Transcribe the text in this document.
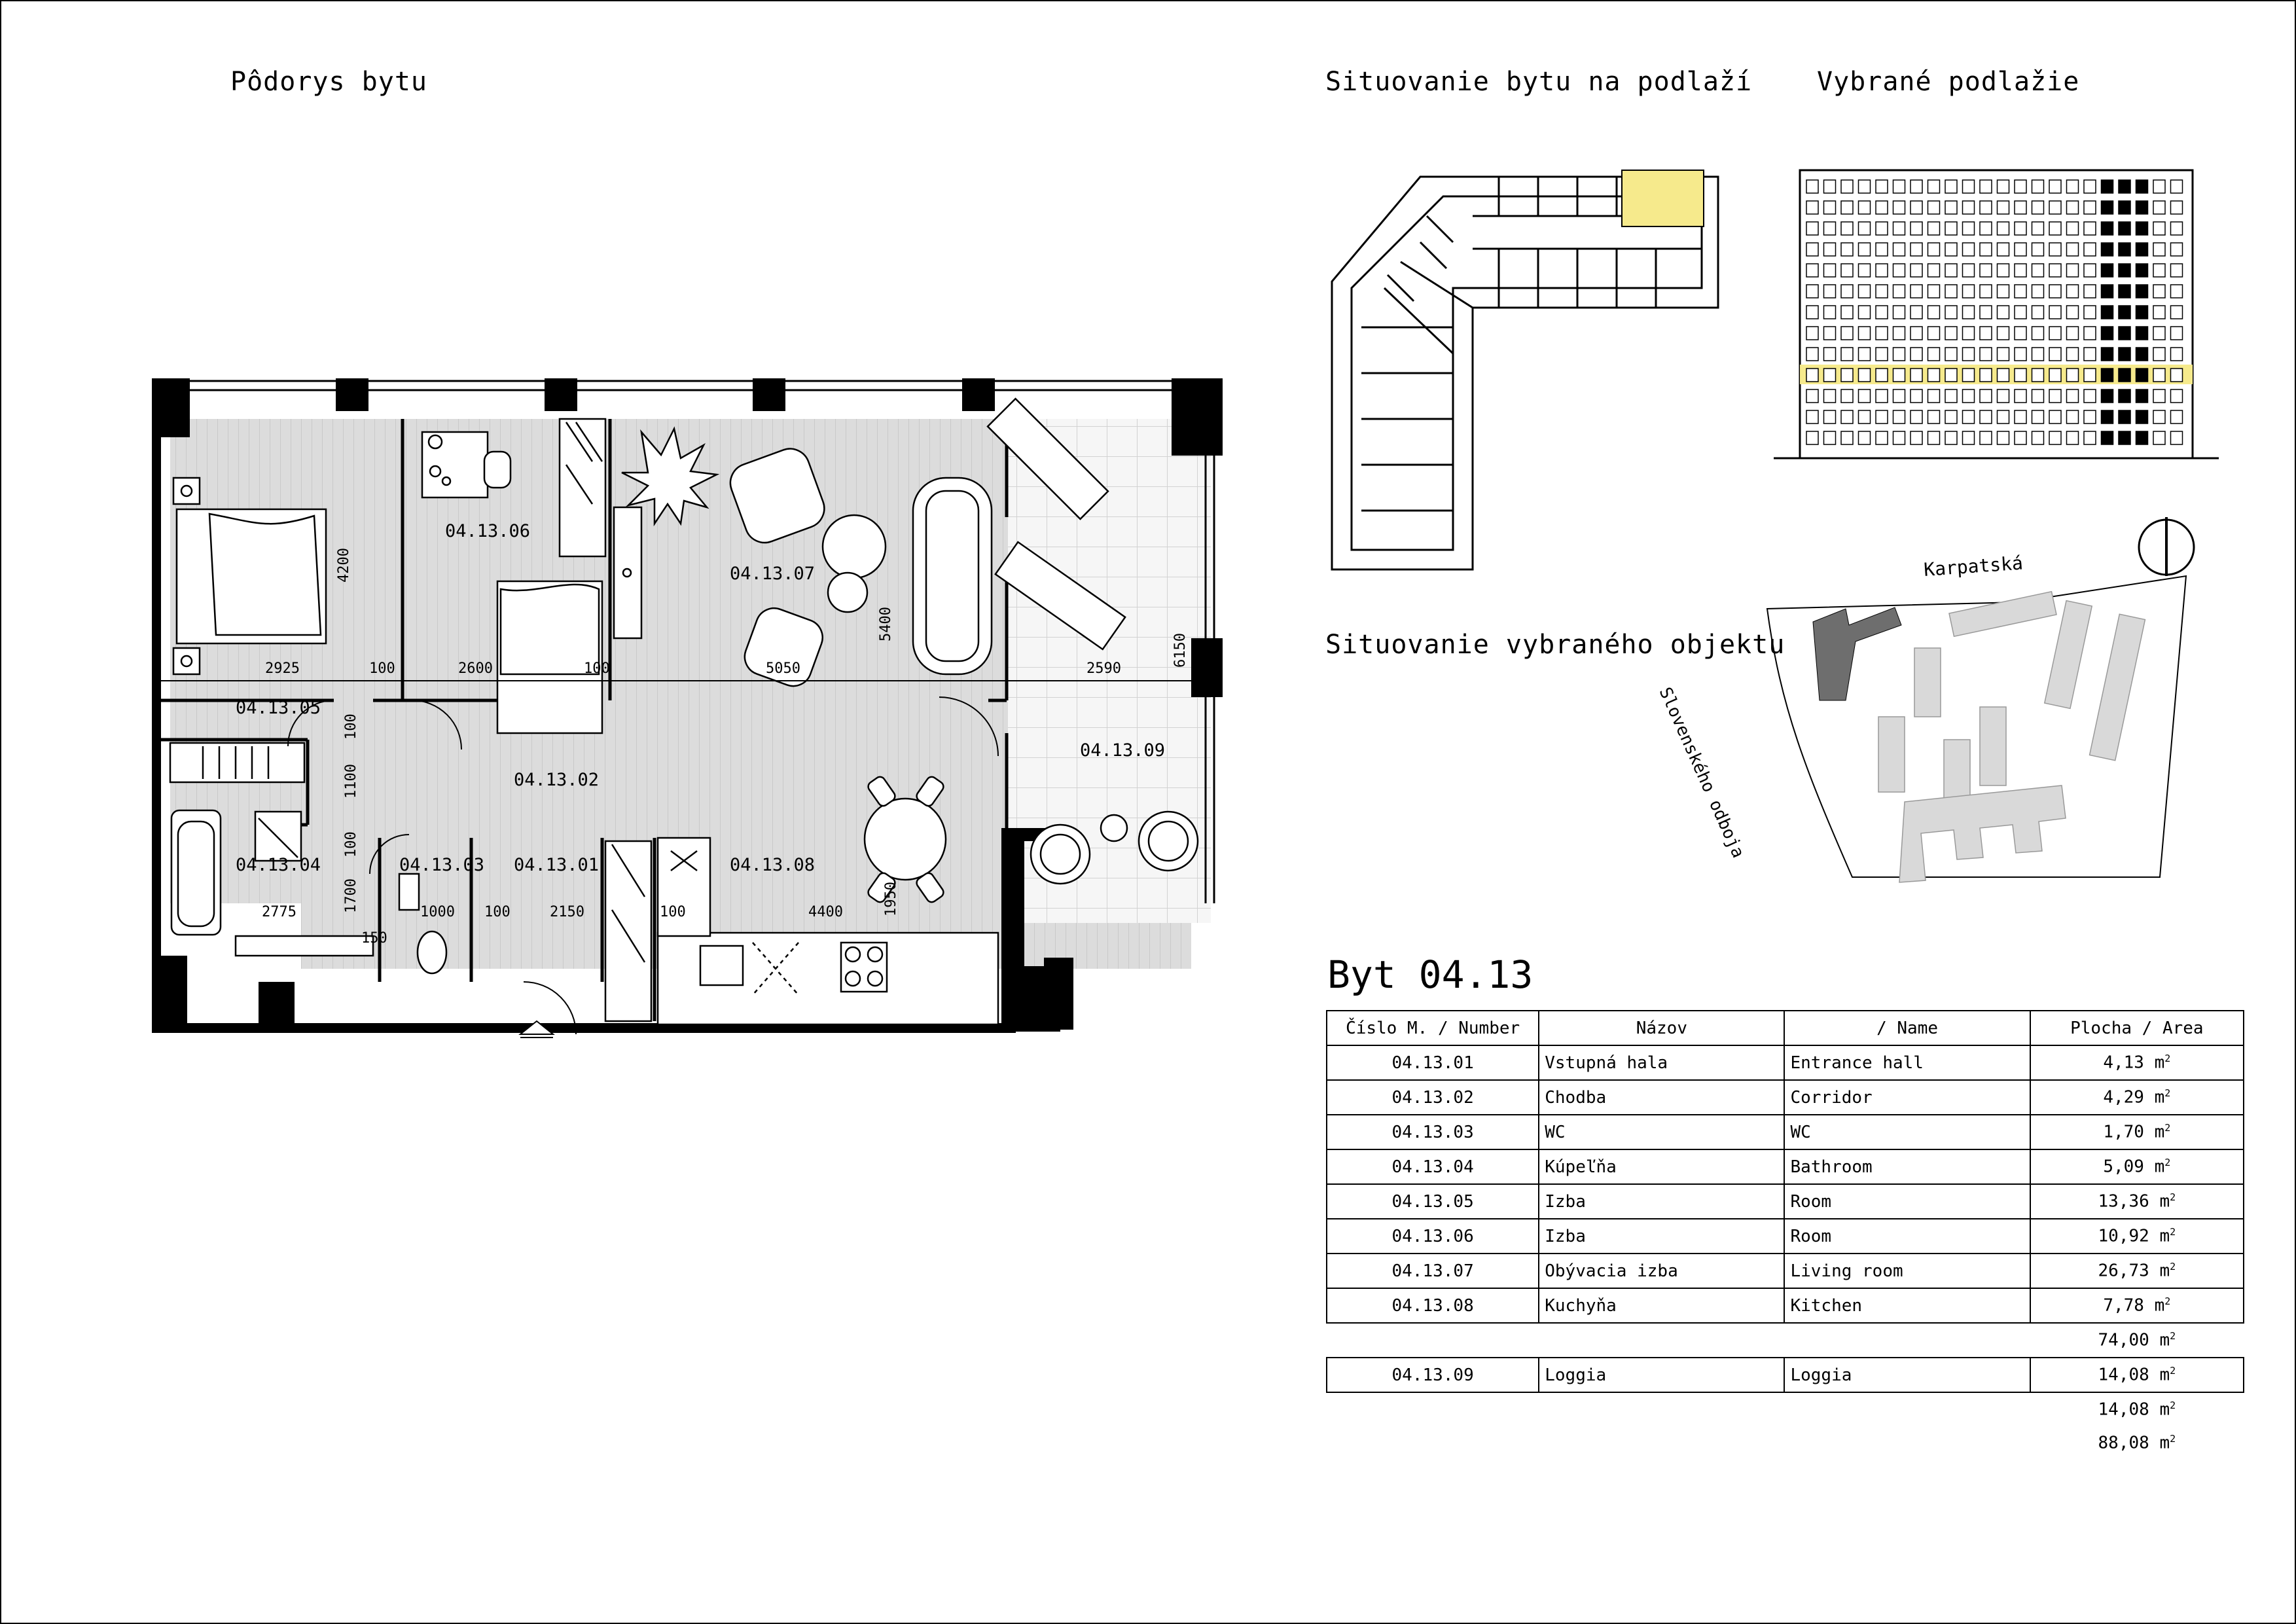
Pôdorys bytu	Situovanie bytu na podlaží Vybrané podlažie
Situovanie vybraného objektu
Byt 04.13
04.13.06
04.13.07
04.13.05
04.13.02
04.13.09
04.13.04	04.13.03 04.13.01	04.13.08
2925	100	2600	100	5050	2590
4200
5400
6150
100
1100
100
1700
2775
150
1000 100	2150	100	4400	1950
Karpatská
Slovenského odboja
Číslo M. / Number	Názov	/ Name	Plocha / Area
04.13.01	Vstupná hala	Entrance hall	4,13 $m^2$
04.13.02	Chodba	Corridor	4,29 $m^2$
04.13.03	WC	WC	1,70 $m^2$
04.13.04	Kúpeľňa	Bathroom	5,09 $m^2$
04.13.05	Izba	Room	13,36 $m^2$
04.13.06	Izba	Room	10,92 $m^2$
04.13.07	Obývacia izba	Living room	26,73 $m^2$
04.13.08	Kuchyňa	Kitchen	7,78 $m^2$
			74,00 $m^2$
04.13.09	Loggia	Loggia	14,08 $m^2$
			14,08 $m^2$
			88,08 $m^2$
